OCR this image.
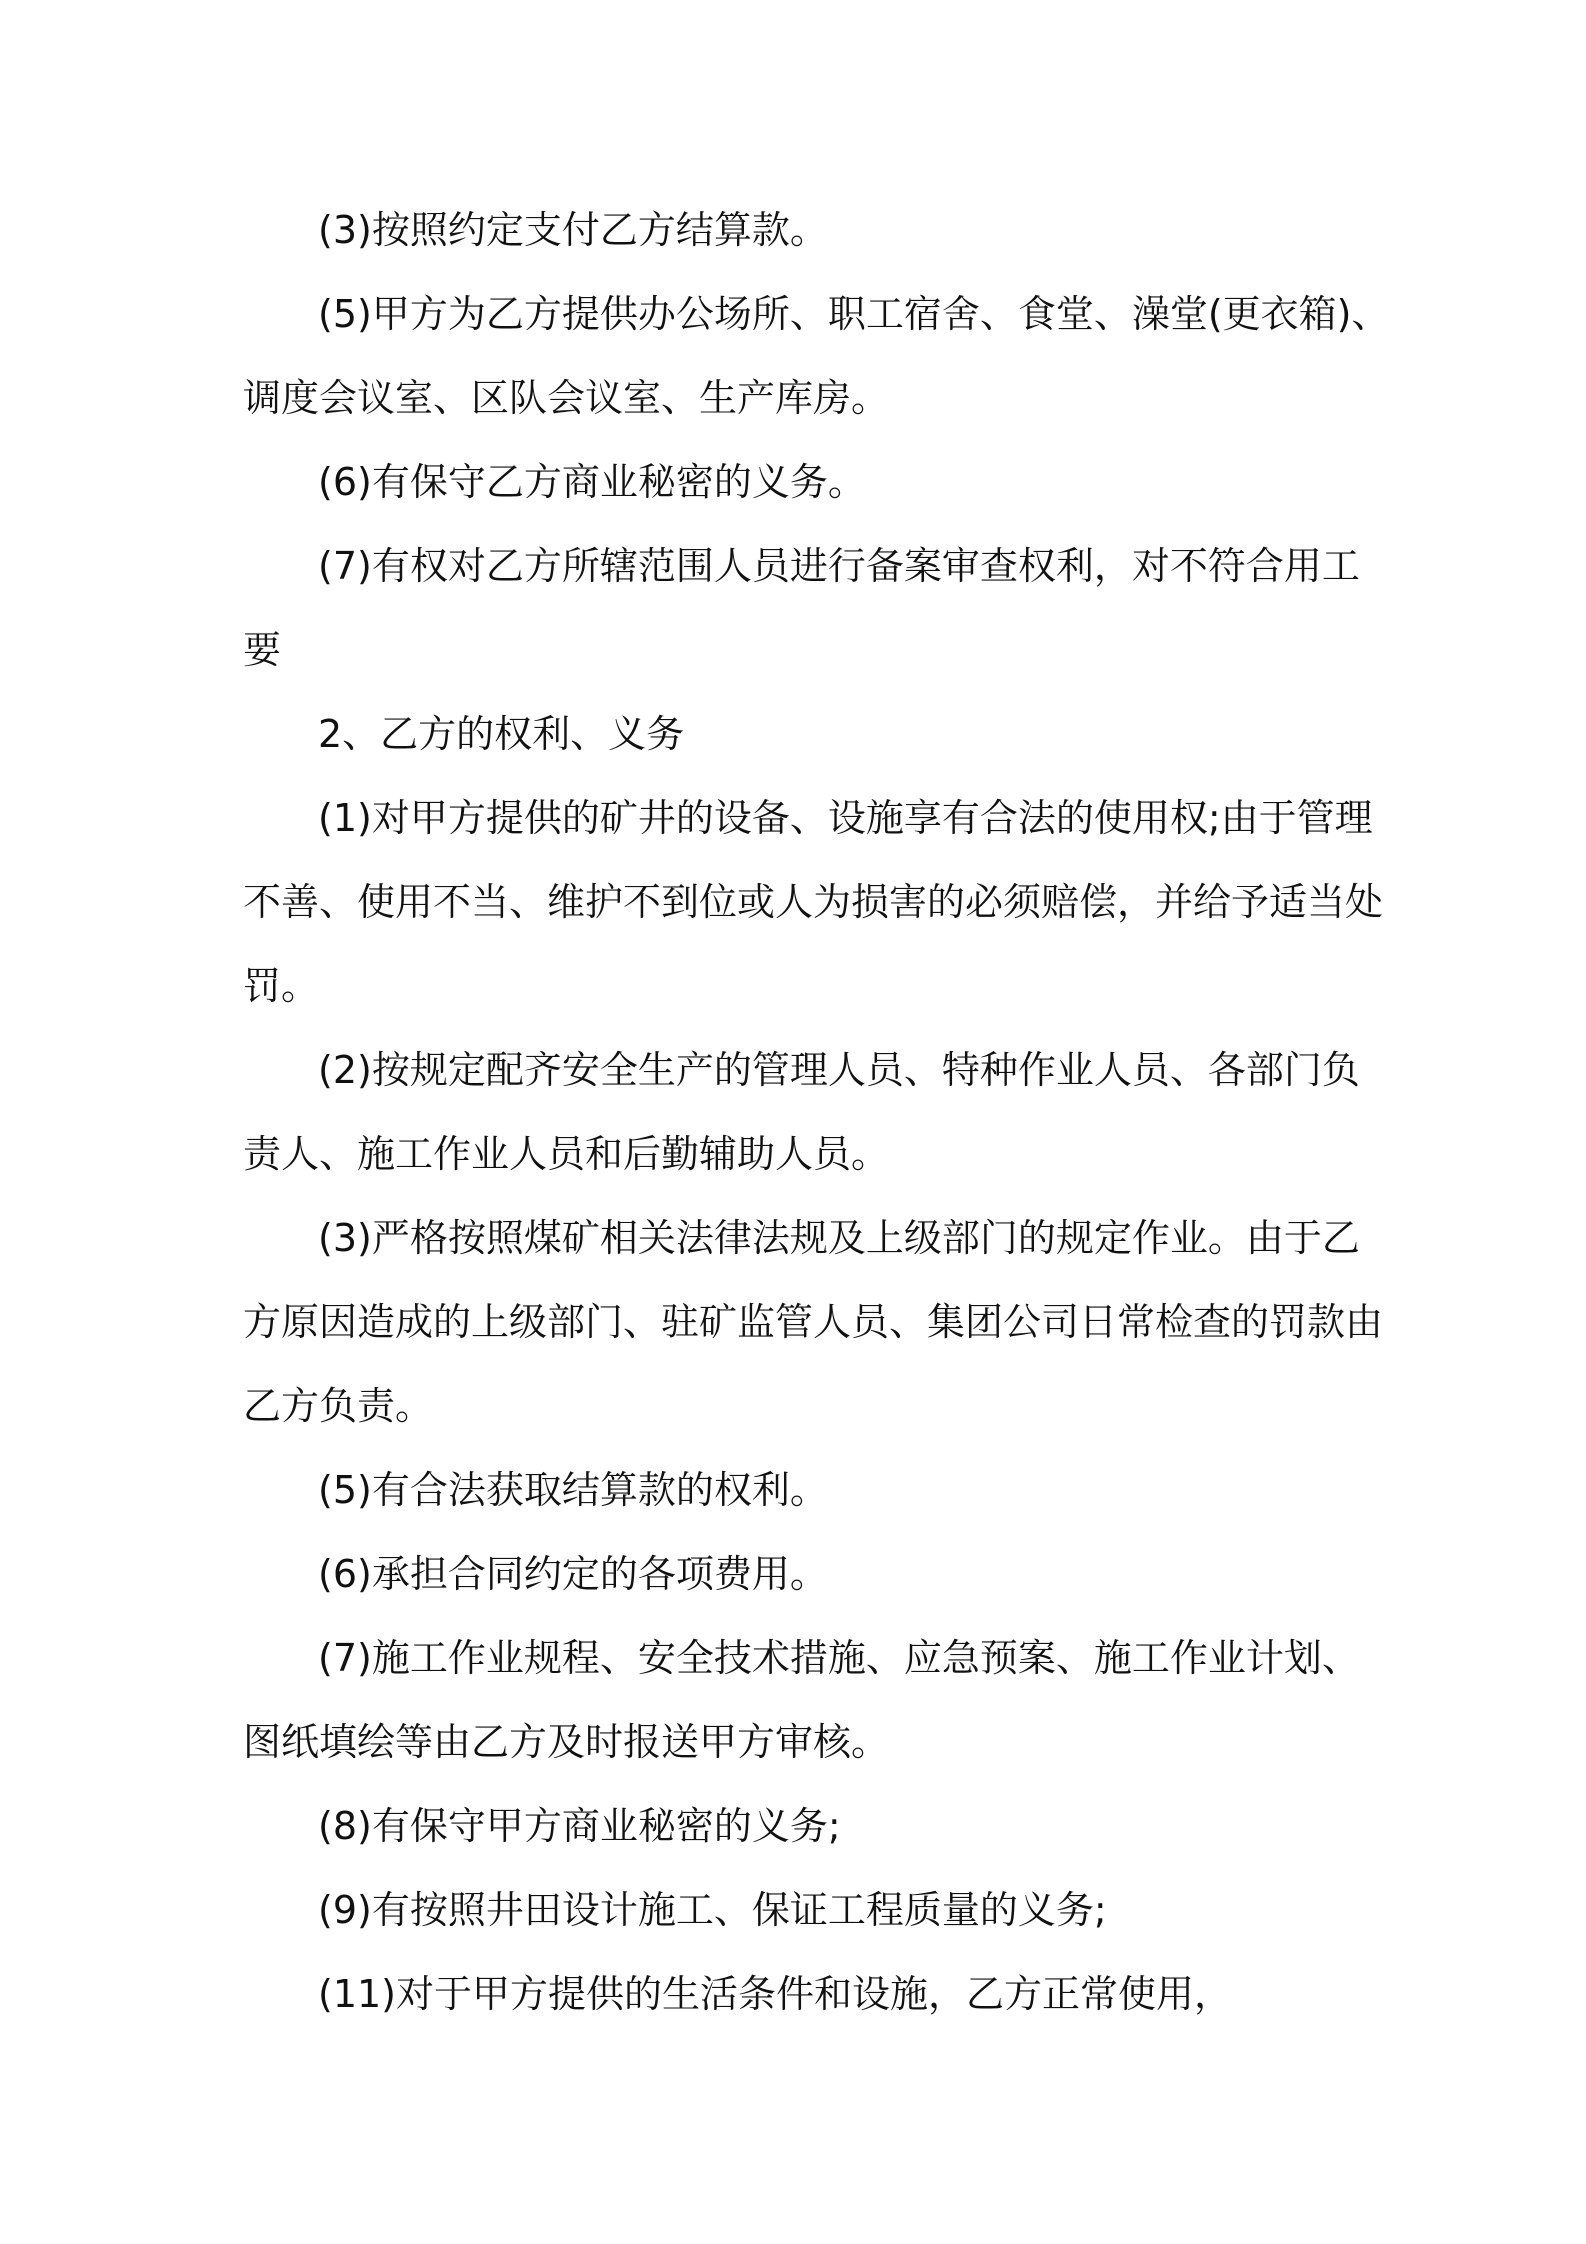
(3)按照约定支付乙方结算款。
(5)甲方为乙方提供办公场所、职工宿舍、食堂、澡堂(更衣箱)、
调度会议室、区队会议室、生产库房。
(6)有保守乙方商业秘密的义务。
(7)有权对乙方所辖范围人员进行备案审查权利，对不符合用工
要
2、乙方的权利、义务
(1)对甲方提供的矿井的设备、设施享有合法的使用权;由于管理
不善、使用不当、维护不到位或人为损害的必须赔偿，并给予适当处
罚。
(2)按规定配齐安全生产的管理人员、特种作业人员、各部门负
责人、施工作业人员和后勤辅助人员。
(3)严格按照煤矿相关法律法规及上级部门的规定作业。由于乙
方原因造成的上级部门、驻矿监管人员、集团公司日常检查的罚款由
乙方负责。
(5)有合法获取结算款的权利。
(6)承担合同约定的各项费用。
(7)施工作业规程、安全技术措施、应急预案、施工作业计划、
图纸填绘等由乙方及时报送甲方审核。
(8)有保守甲方商业秘密的义务;
(9)有按照井田设计施工、保证工程质量的义务;
(11)对于甲方提供的生活条件和设施，乙方正常使用，
